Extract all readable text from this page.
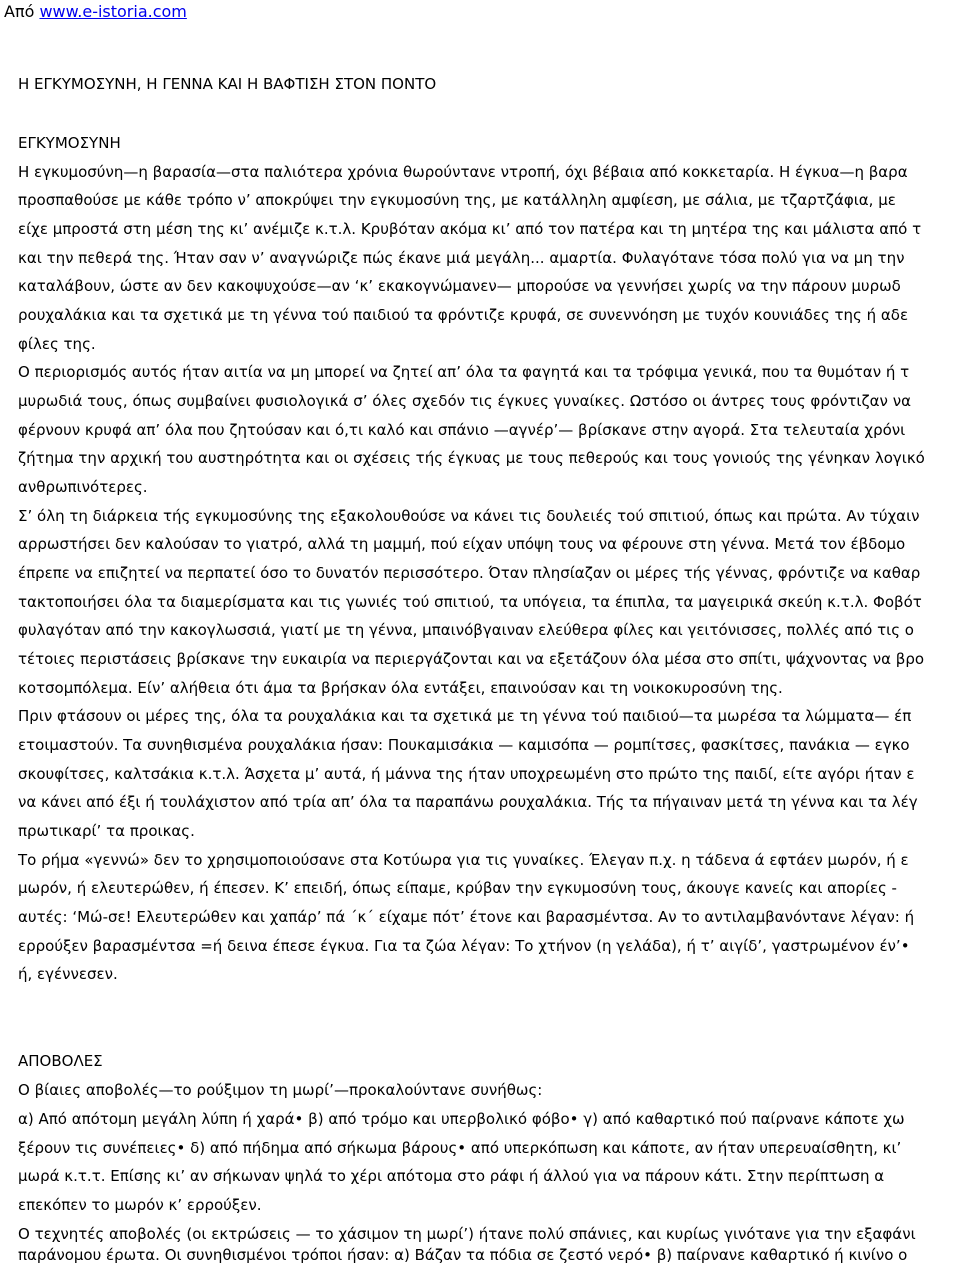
Από www.e-istoria.com
Η ΕΓΚΥΜΟΣΥΝΗ, Η ΓΕΝΝΑ ΚΑΙ Η ΒΑΦΤΙΣΗ ΣΤΟΝ ΠΟΝΤΟ
ΕΓΚΥΜΟΣΥΝΗ
Η εγκυμοσύνη—η βαρασία—στα παλιότερα χρόνια θωρούντανε ντροπή, όχι βέβαια από κοκκεταρία. Η έγκυα—η βαρα
προσπαθούσε με κάθε τρόπο ν’ αποκρύψει την εγκυμοσύνη της, με κατάλληλη αμφίεση, με σάλια, με τζαρτζάφια, με
είχε μπροστά στη μέση της κι’ ανέμιζε κ.τ.λ. Κρυβόταν ακόμα κι’ από τον πατέρα και τη μητέρα της και μάλιστα από τ
και την πεθερά της. Ήταν σαν ν’ αναγνώριζε πώς έκανε μιά μεγάλη... αμαρτία. Φυλαγότανε τόσα πολύ για να μη την
καταλάβουν, ώστε αν δεν κακοψυχούσε—αν ‘κ’ εκακογνώμανεν— μπορούσε να γεννήσει χωρίς να την πάρουν μυρωδ
ρουχαλάκια και τα σχετικά με τη γέννα τού παιδιού τα φρόντιζε κρυφά, σε συνεννόηση με τυχόν κουνιάδες της ή αδε
φίλες της.
Ο περιορισμός αυτός ήταν αιτία να μη μπορεί να ζητεί απ’ όλα τα φαγητά και τα τρόφιμα γενικά, που τα θυμόταν ή τ
μυρωδιά τους, όπως συμβαίνει φυσιολογικά σ’ όλες σχεδόν τις έγκυες γυναίκες. Ωστόσο οι άντρες τους φρόντιζαν να
φέρνουν κρυφά απ’ όλα που ζητούσαν και ό,τι καλό και σπάνιο —αγνέρ’— βρίσκανε στην αγορά. Στα τελευταία χρόνι
ζήτημα την αρχική του αυστηρότητα και οι σχέσεις τής έγκυας με τους πεθερούς και τους γονιούς της γένηκαν λογικό
ανθρωπινότερες.
Σ’ όλη τη διάρκεια τής εγκυμοσύνης της εξακολουθούσε να κάνει τις δουλειές τού σπιτιού, όπως και πρώτα. Αν τύχαιν
αρρωστήσει δεν καλούσαν το γιατρό, αλλά τη μαμμή, πού είχαν υπόψη τους να φέρουνε στη γέννα. Μετά τον έβδομο
έπρεπε να επιζητεί να περπατεί όσο το δυνατόν περισσότερο. Όταν πλησίαζαν οι μέρες τής γέννας, φρόντιζε να καθαρ
τακτοποιήσει όλα τα διαμερίσματα και τις γωνιές τού σπιτιού, τα υπόγεια, τα έπιπλα, τα μαγειρικά σκεύη κ.τ.λ. Φοβότ
φυλαγόταν από την κακογλωσσιά, γιατί με τη γέννα, μπαινόβγαιναν ελεύθερα φίλες και γειτόνισσες, πολλές από τις ο
τέτοιες περιστάσεις βρίσκανε την ευκαιρία να περιεργάζονται και να εξετάζουν όλα μέσα στο σπίτι, ψάχνοντας να βρο
κοτσομπόλεμα. Είν’ αλήθεια ότι άμα τα βρήσκαν όλα εντάξει, επαινούσαν και τη νοικοκυροσύνη της.
Πριν φτάσουν οι μέρες της, όλα τα ρουχαλάκια και τα σχετικά με τη γέννα τού παιδιού—τα μωρέσα τα λώμματα— έπ
ετοιμαστούν. Τα συνηθισμένα ρουχαλάκια ήσαν: Πουκαμισάκια — καμισόπα — ρομπίτσες, φασκίτσες, πανάκια — εγκο
σκουφίτσες, καλτσάκια κ.τ.λ. Άσχετα μ’ αυτά, ή μάννα της ήταν υποχρεωμένη στο πρώτο της παιδί, είτε αγόρι ήταν ε
να κάνει από έξι ή τουλάχιστον από τρία απ’ όλα τα παραπάνω ρουχαλάκια. Τής τα πήγαιναν μετά τη γέννα και τα λέγ
πρωτικαρί’ τα προικας.
Το ρήμα «γεννώ» δεν το χρησιμοποιούσανε στα Κοτύωρα για τις γυναίκες. Έλεγαν π.χ. η τάδενα ά εφτάεν μωρόν, ή ε
μωρόν, ή ελευτερώθεν, ή έπεσεν. Κ’ επειδή, όπως είπαμε, κρύβαν την εγκυμοσύνη τους, άκουγε κανείς και απορίες -
αυτές: ‘Μώ-σε! Ελευτερώθεν και χαπάρ’ πά ΄κ΄ είχαμε πότ’ έτονε και βαρασμέντσα. Αν το αντιλαμβανόντανε λέγαν: ή
ερρούξεν βαρασμέντσα =ή δεινα έπεσε έγκυα. Για τα ζώα λέγαν: Το χτήνον (η γελάδα), ή τ’ αιγίδ’, γαστρωμένον έν’•
ή, εγέννεσεν.
ΑΠΟΒΟΛΕΣ
Ο βίαιες αποβολές—το ρούξιμον τη μωρί’—προκαλούντανε συνήθως:
α) Από απότομη μεγάλη λύπη ή χαρά• β) από τρόμο και υπερβολικό φόβο• γ) από καθαρτικό πού παίρνανε κάποτε χω
ξέρουν τις συνέπειες• δ) από πήδημα από σήκωμα βάρους• από υπερκόπωση και κάποτε, αν ήταν υπερευαίσθητη, κι’
μωρά κ.τ.τ. Επίσης κι’ αν σήκωναν ψηλά το χέρι απότομα στο ράφι ή άλλού για να πάρουν κάτι. Στην περίπτωση α
επεκόπεν το μωρόν κ’ ερρούξεν.
Ο τεχνητές αποβολές (οι εκτρώσεις — το χάσιμον τη μωρί’) ήτανε πολύ σπάνιες, και κυρίως γινότανε για την εξαφάνι
παράνομου έρωτα. Οι συνηθισμένοι τρόποι ήσαν: α) Βάζαν τα πόδια σε ζεστό νερό• β) παίρνανε καθαρτικό ή κινίνο ο
